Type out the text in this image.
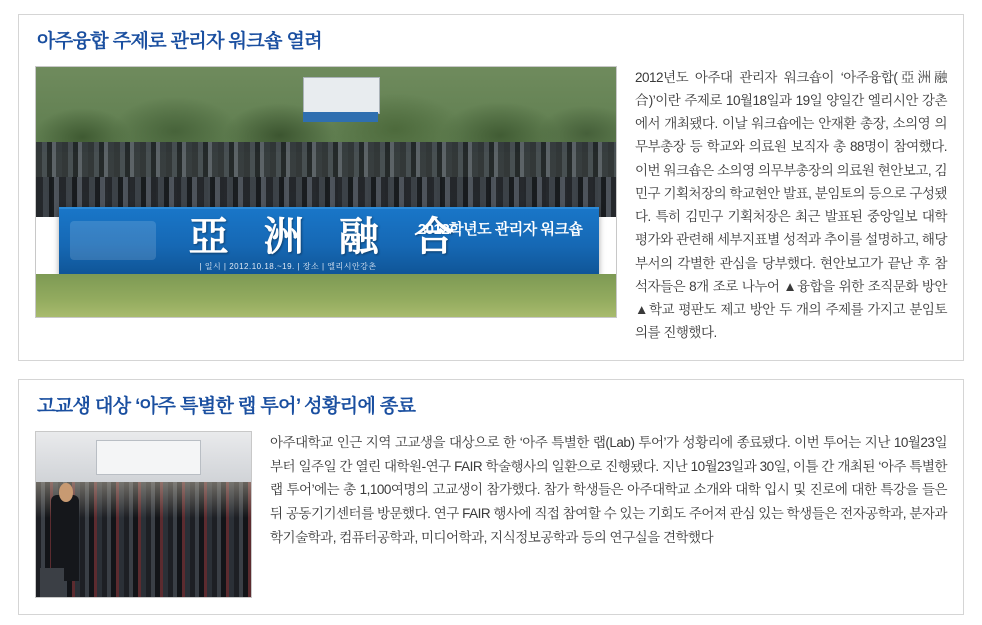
아주융합 주제로 관리자 워크숍 열려
亞 洲 融 合
2012학년도 관리자 워크숍
| 일시 | 2012.10.18.~19. | 장소 | 엘리시안강촌
2012년도 아주대 관리자 워크숍이 ‘아주융합(亞洲融合)’이란 주제로 10월18일과 19일 양일간 엘리시안 강촌에서 개최됐다. 이날 워크숍에는 안재환 총장, 소의영 의무부총장 등 학교와 의료원 보직자 총 88명이 참여했다. 이번 워크숍은 소의영 의무부총장의 의료원 현안보고, 김민구 기획처장의 학교현안 발표, 분임토의 등으로 구성됐다. 특히 김민구 기획처장은 최근 발표된 중앙일보 대학평가와 관련해 세부지표별 성적과 추이를 설명하고, 해당 부서의 각별한 관심을 당부했다. 현안보고가 끝난 후 참석자들은 8개 조로 나누어 ▲융합을 위한 조직문화 방안 ▲학교 평판도 제고 방안 두 개의 주제를 가지고 분임토의를 진행했다.
고교생 대상 ‘아주 특별한 랩 투어’ 성황리에 종료
아주대학교 인근 지역 고교생을 대상으로 한 ‘아주 특별한 랩(Lab) 투어’가 성황리에 종료됐다. 이번 투어는 지난 10월23일부터 일주일 간 열린 대학원-연구 FAIR 학술행사의 일환으로 진행됐다. 지난 10월23일과 30일, 이틀 간 개최된 ‘아주 특별한 랩 투어’에는 총 1,100여명의 고교생이 참가했다. 참가 학생들은 아주대학교 소개와 대학 입시 및 진로에 대한 특강을 들은 뒤 공동기기센터를 방문했다. 연구 FAIR 행사에 직접 참여할 수 있는 기회도 주어져 관심 있는 학생들은 전자공학과, 분자과학기술학과, 컴퓨터공학과, 미디어학과, 지식정보공학과 등의 연구실을 견학했다
